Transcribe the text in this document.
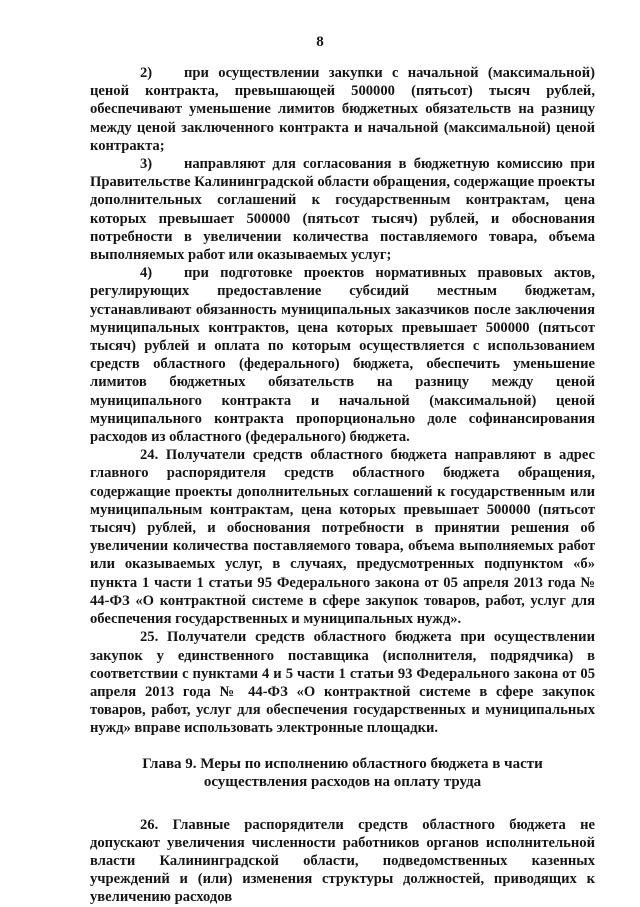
8

2) при осуществлении закупки с начальной (максимальной) ценой контракта, превышающей 500000 (пятьсот) тысяч рублей, обеспечивают уменьшение лимитов бюджетных обязательств на разницу между ценой заключенного контракта и начальной (максимальной) ценой контракта;

3) направляют для согласования в бюджетную комиссию при Правительстве Калининградской области обращения, содержащие проекты дополнительных соглашений к государственным контрактам, цена которых превышает 500000 (пятьсот тысяч) рублей, и обоснования потребности в увеличении количества поставляемого товара, объема выполняемых работ или оказываемых услуг;

4) при подготовке проектов нормативных правовых актов, регулирующих предоставление субсидий местным бюджетам, устанавливают обязанность муниципальных заказчиков после заключения муниципальных контрактов, цена которых превышает 500000 (пятьсот тысяч) рублей и оплата по которым осуществляется с использованием средств областного (федерального) бюджета, обеспечить уменьшение лимитов бюджетных обязательств на разницу между ценой муниципального контракта и начальной (максимальной) ценой муниципального контракта пропорционально доле софинансирования расходов из областного (федерального) бюджета.

24. Получатели средств областного бюджета направляют в адрес главного распорядителя средств областного бюджета обращения, содержащие проекты дополнительных соглашений к государственным или муниципальным контрактам, цена которых превышает 500000 (пятьсот тысяч) рублей, и обоснования потребности в принятии решения об увеличении количества поставляемого товара, объема выполняемых работ или оказываемых услуг, в случаях, предусмотренных подпунктом «б» пункта 1 части 1 статьи 95 Федерального закона от 05 апреля 2013 года № 44-ФЗ «О контрактной системе в сфере закупок товаров, работ, услуг для обеспечения государственных и муниципальных нужд».

25. Получатели средств областного бюджета при осуществлении закупок у единственного поставщика (исполнителя, подрядчика) в соответствии с пунктами 4 и 5 части 1 статьи 93 Федерального закона от 05 апреля 2013 года № 44-ФЗ «О контрактной системе в сфере закупок товаров, работ, услуг для обеспечения государственных и муниципальных нужд» вправе использовать электронные площадки.

Глава 9. Меры по исполнению областного бюджета в части
осуществления расходов на оплату труда

26. Главные распорядители средств областного бюджета не допускают увеличения численности работников органов исполнительной власти Калининградской области, подведомственных казенных учреждений и (или) изменения структуры должностей, приводящих к увеличению расходов
